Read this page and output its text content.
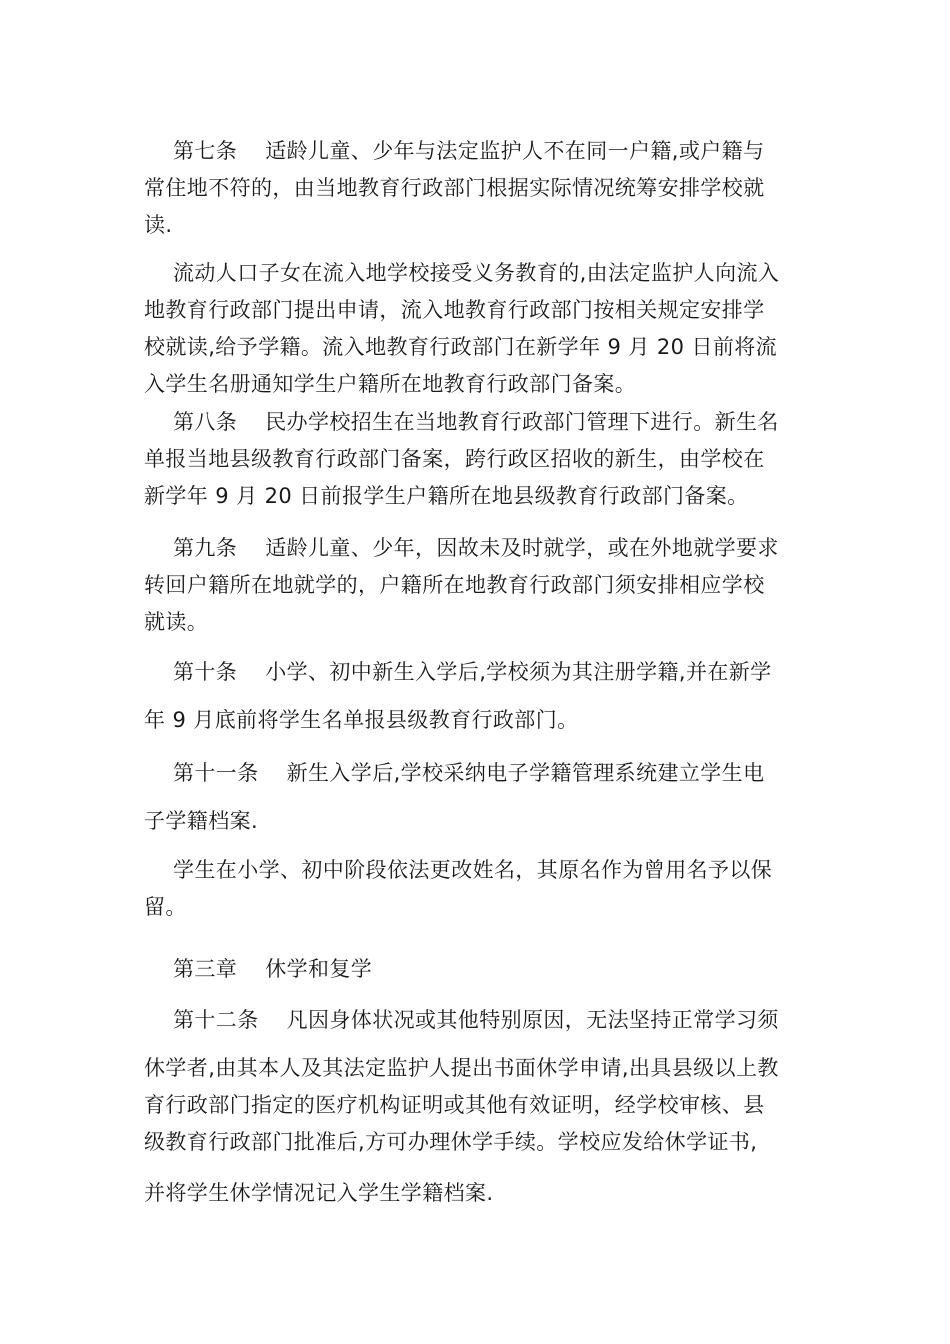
第七条 适龄儿童、少年与法定监护人不在同一户籍,或户籍与
常住地不符的，由当地教育行政部门根据实际情况统筹安排学校就
读.
流动人口子女在流入地学校接受义务教育的,由法定监护人向流入
地教育行政部门提出申请，流入地教育行政部门按相关规定安排学
校就读,给予学籍。流入地教育行政部门在新学年 9 月 20 日前将流
入学生名册通知学生户籍所在地教育行政部门备案。
第八条 民办学校招生在当地教育行政部门管理下进行。新生名
单报当地县级教育行政部门备案，跨行政区招收的新生，由学校在
新学年 9 月 20 日前报学生户籍所在地县级教育行政部门备案。
第九条 适龄儿童、少年，因故未及时就学，或在外地就学要求
转回户籍所在地就学的，户籍所在地教育行政部门须安排相应学校
就读。
第十条 小学、初中新生入学后,学校须为其注册学籍,并在新学
年 9 月底前将学生名单报县级教育行政部门。
第十一条 新生入学后,学校采纳电子学籍管理系统建立学生电
子学籍档案.
学生在小学、初中阶段依法更改姓名，其原名作为曾用名予以保
留。
第三章 休学和复学
第十二条 凡因身体状况或其他特别原因，无法坚持正常学习须
休学者,由其本人及其法定监护人提出书面休学申请,出具县级以上教
育行政部门指定的医疗机构证明或其他有效证明，经学校审核、县
级教育行政部门批准后,方可办理休学手续。学校应发给休学证书,
并将学生休学情况记入学生学籍档案.
